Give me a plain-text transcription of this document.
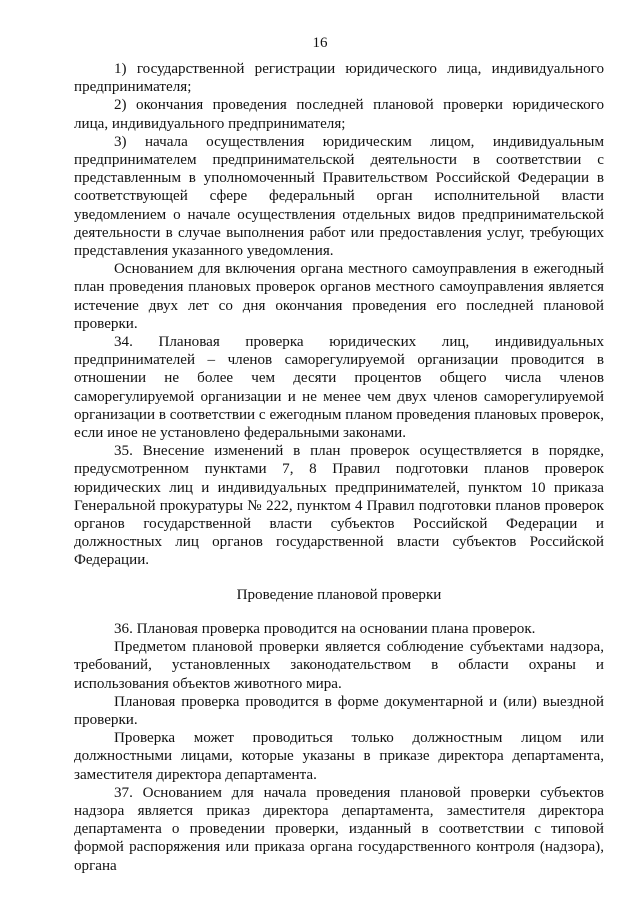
16

1) государственной регистрации юридического лица, индивидуального предпринимателя;

2) окончания проведения последней плановой проверки юридического лица, индивидуального предпринимателя;

3) начала осуществления юридическим лицом, индивидуальным предпринимателем предпринимательской деятельности в соответствии с представленным в уполномоченный Правительством Российской Федерации в соответствующей сфере федеральный орган исполнительной власти уведомлением о начале осуществления отдельных видов предпринимательской деятельности в случае выполнения работ или предоставления услуг, требующих представления указанного уведомления.

Основанием для включения органа местного самоуправления в ежегодный план проведения плановых проверок органов местного самоуправления является истечение двух лет со дня окончания проведения его последней плановой проверки.

34. Плановая проверка юридических лиц, индивидуальных предпринимателей – членов саморегулируемой организации проводится в отношении не более чем десяти процентов общего числа членов саморегулируемой организации и не менее чем двух членов саморегулируемой организации в соответствии с ежегодным планом проведения плановых проверок, если иное не установлено федеральными законами.

35. Внесение изменений в план проверок осуществляется в порядке, предусмотренном пунктами 7, 8 Правил подготовки планов проверок юридических лиц и индивидуальных предпринимателей, пунктом 10 приказа Генеральной прокуратуры № 222, пунктом 4 Правил подготовки планов проверок органов государственной власти субъектов Российской Федерации и должностных лиц органов государственной власти субъектов Российской Федерации.

Проведение плановой проверки

36. Плановая проверка проводится на основании плана проверок.

Предметом плановой проверки является соблюдение субъектами надзора, требований, установленных законодательством в области охраны и использования объектов животного мира.

Плановая проверка проводится в форме документарной и (или) выездной проверки.

Проверка может проводиться только должностным лицом или должностными лицами, которые указаны в приказе директора департамента, заместителя директора департамента.

37. Основанием для начала проведения плановой проверки субъектов надзора является приказ директора департамента, заместителя директора департамента о проведении проверки, изданный в соответствии с типовой формой распоряжения или приказа органа государственного контроля (надзора), органа
